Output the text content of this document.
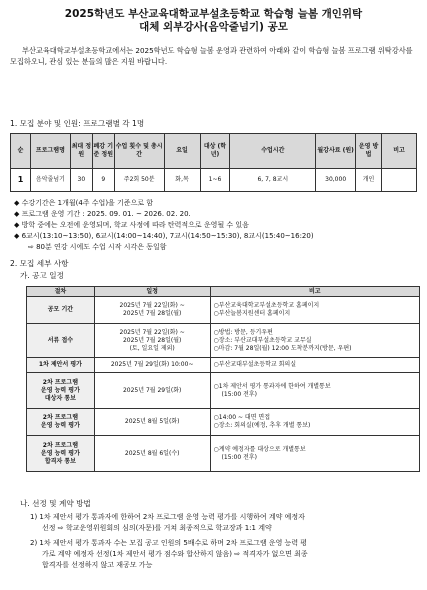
2025학년도 부산교육대학교부설초등학교 학습형 늘봄 개인위탁
대체 외부강사(음악줄넘기) 공모
부산교육대학교부설초등학교에서는 2025학년도 학습형 늘봄 운영과 관련하여 아래와 같이 학습형 늘봄 프로그램 위탁강사를 모집하오니, 관심 있는 분들의 많은 지원 바랍니다.
1. 모집 분야 및 인원: 프로그램별 각 1명
순	프로그램명	최대 정원	폐강 기준 정원	수업 횟수 및 총시간	요일	대상 (학년)	수업시간	월강사료 (원)	운영 방법	비고
1	음악줄넘기	30	9	주2회 50분	화,목	1~6	6, 7, 8교시	30,000	개인	
◆ 수강기간은 1개월(4주 수업)을 기준으로 함
◆ 프로그램 운영 기간 : 2025. 09. 01. ~ 2026. 02. 20.
◆ 방학 중에는 오전에 운영되며, 학교 사정에 따라 탄력적으로 운영될 수 있음
◆ 6교시(13:10~13:50), 6교시(14:00~14:40), 7교시(14:50~15:30), 8교시(15:40~16:20)
⇨ 80분 연강 시에도 수업 시작 시각은 동일함
2. 모집 세부 사항
가. 공고 일정
절차	일정	비고

공모 기간	2025년 7월 22일(화) ~
2025년 7월 28일(월)	○부산교육대학교부설초등학교 홈페이지
○부산늘봄지원센터 홈페이지

서류 접수	2025년 7월 22일(화) ~
2025년 7월 28일(월)
(토, 일요일 제외)	○방법: 방문, 등기우편
○장소: 부산교대부설초등학교 교무실
○마감: 7월 28일(월) 12:00 도착분까지(방문, 우편)

1차 제안서 평가	2025년 7월 29일(화) 10:00~	○부산교대부설초등학교 회의실

2차 프로그램
운영 능력 평가
대상자 통보	2025년 7월 29일(화)	○1차 제안서 평가 통과자에 한하여 개별통보
(15:00 전후)

2차 프로그램
운영 능력 평가	2025년 8월 5일(화)	○14:00 ~ 대면 면접
○장소: 회의실(예정, 추후 개별 통보)

2차 프로그램
운영 능력 평가
합격자 통보	2025년 8월 6일(수)	○계약 예정자를 대상으로 개별통보
(15:00 전후)
나. 선정 및 계약 방법
1) 1차 제안서 평가 통과자에 한하여 2차 프로그램 운영 능력 평가를 시행하여 계약 예정자
선정 ⇨ 학교운영위원회의 심의(자문)를 거쳐 최종적으로 학교장과 1:1 계약
2) 1차 제안서 평가 통과자 수는 모집 공고 인원의 5배수로 하며 2차 프로그램 운영 능력 평
가로 계약 예정자 선정(1차 제안서 평가 점수와 합산하지 않음) ⇨ 적격자가 없으면 최종
합격자를 선정하지 않고 재공모 가능
